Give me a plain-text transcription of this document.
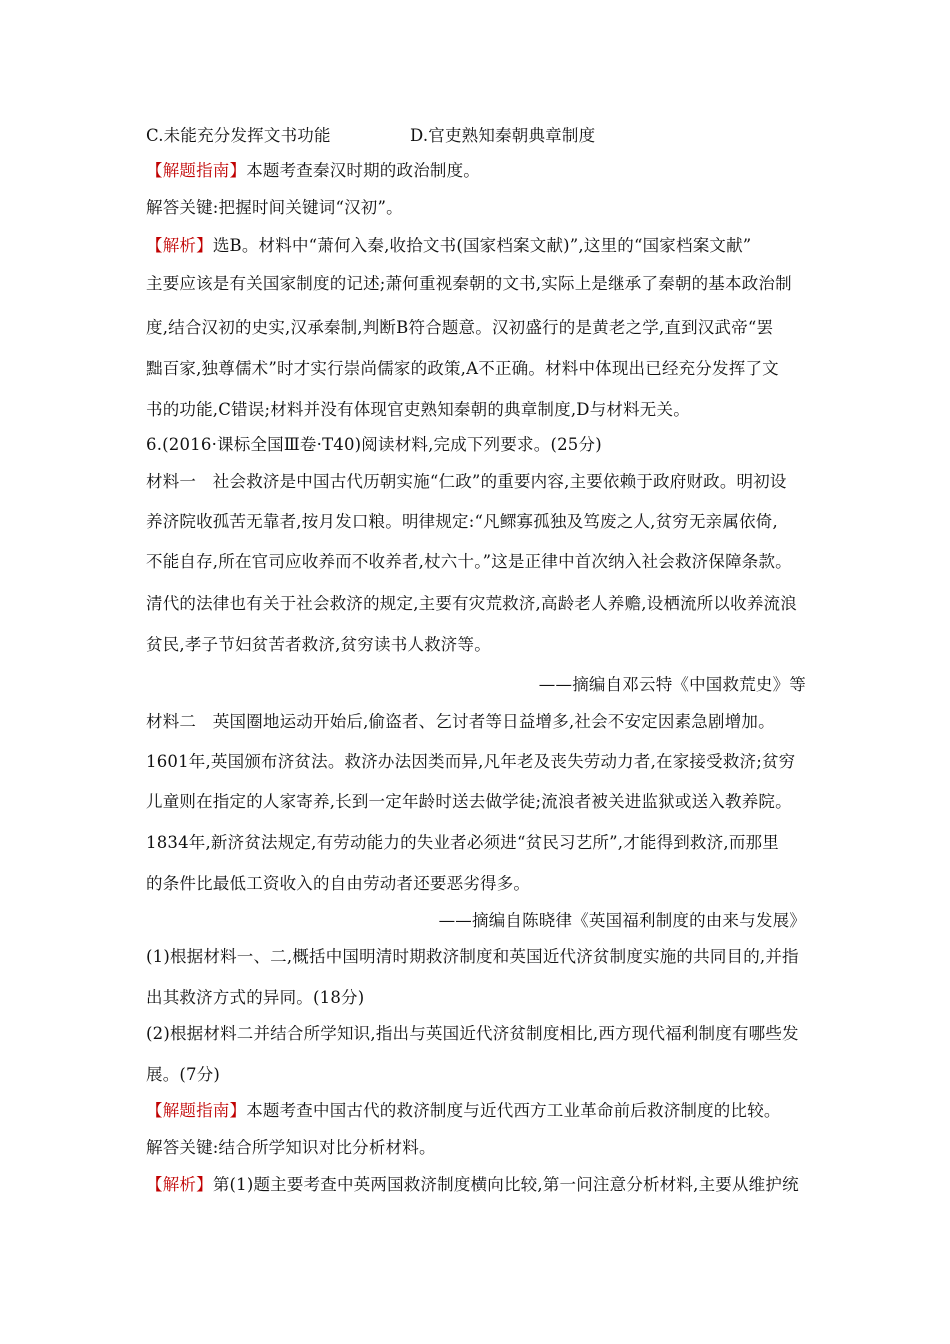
C.未能充分发挥文书功能	D.官吏熟知秦朝典章制度
【解题指南】本题考查秦汉时期的政治制度。
解答关键:把握时间关键词“汉初”。
【解析】选B。材料中“萧何入秦,收拾文书(国家档案文献)”,这里的“国家档案文献”
主要应该是有关国家制度的记述;萧何重视秦朝的文书,实际上是继承了秦朝的基本政治制
度,结合汉初的史实,汉承秦制,判断B符合题意。汉初盛行的是黄老之学,直到汉武帝“罢
黜百家,独尊儒术”时才实行崇尚儒家的政策,A不正确。材料中体现出已经充分发挥了文
书的功能,C错误;材料并没有体现官吏熟知秦朝的典章制度,D与材料无关。
6.(2016·课标全国Ⅲ卷·T40)阅读材料,完成下列要求。(25分)
材料一　社会救济是中国古代历朝实施“仁政”的重要内容,主要依赖于政府财政。明初设
养济院收孤苦无靠者,按月发口粮。明律规定:“凡鳏寡孤独及笃废之人,贫穷无亲属依倚,
不能自存,所在官司应收养而不收养者,杖六十。”这是正律中首次纳入社会救济保障条款。
清代的法律也有关于社会救济的规定,主要有灾荒救济,高龄老人养赡,设栖流所以收养流浪
贫民,孝子节妇贫苦者救济,贫穷读书人救济等。
——摘编自邓云特《中国救荒史》等
材料二　英国圈地运动开始后,偷盗者、乞讨者等日益增多,社会不安定因素急剧增加。
1601年,英国颁布济贫法。救济办法因类而异,凡年老及丧失劳动力者,在家接受救济;贫穷
儿童则在指定的人家寄养,长到一定年龄时送去做学徒;流浪者被关进监狱或送入教养院。
1834年,新济贫法规定,有劳动能力的失业者必须进“贫民习艺所”,才能得到救济,而那里
的条件比最低工资收入的自由劳动者还要恶劣得多。
——摘编自陈晓律《英国福利制度的由来与发展》
(1)根据材料一、二,概括中国明清时期救济制度和英国近代济贫制度实施的共同目的,并指
出其救济方式的异同。(18分)
(2)根据材料二并结合所学知识,指出与英国近代济贫制度相比,西方现代福利制度有哪些发
展。(7分)
【解题指南】本题考查中国古代的救济制度与近代西方工业革命前后救济制度的比较。
解答关键:结合所学知识对比分析材料。
【解析】第(1)题主要考查中英两国救济制度横向比较,第一问注意分析材料,主要从维护统
